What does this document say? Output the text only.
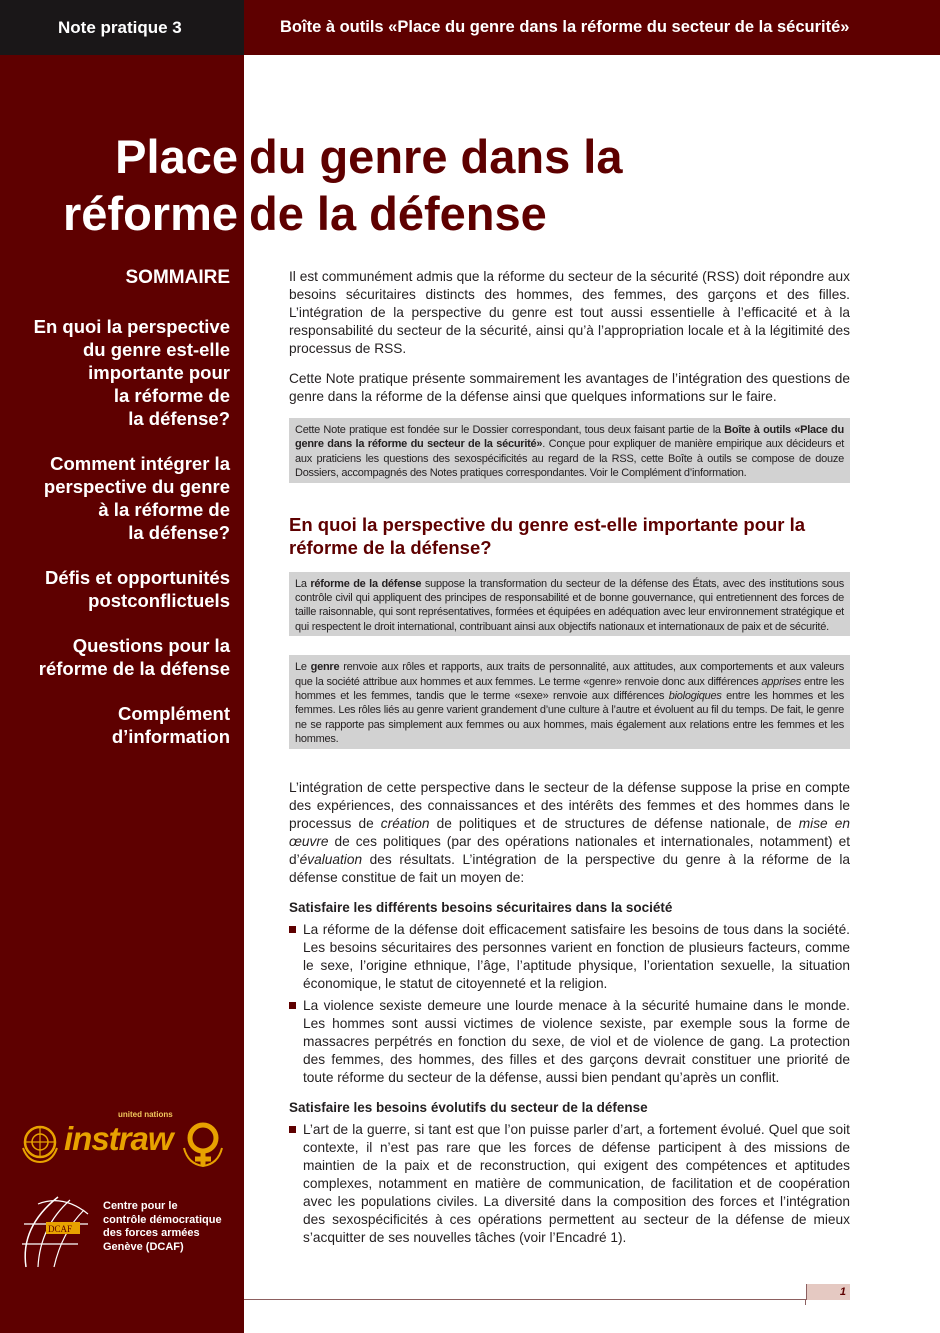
Note pratique 3	Boîte à outils «Place du genre dans la réforme du secteur de la sécurité»
Place
réforme
du genre dans la
de la défense
SOMMAIRE
En quoi la perspective
du genre est-elle
importante pour
la réforme de
la défense?
Comment intégrer la
perspective du genre
à la réforme de
la défense?
Défis et opportunités
postconflictuels
Questions pour la
réforme de la défense
Complément
d’information
united nations
instraw
DCAF
Centre pour le
contrôle démocratique
des forces armées
Genève (DCAF)

Il est communément admis que la réforme du secteur de la sécurité (RSS) doit répondre aux besoins sécuritaires distincts des hommes, des femmes, des garçons et des filles. L’intégration de la perspective du genre est tout aussi essentielle à l’efficacité et à la responsabilité du secteur de la sécurité, ainsi qu’à l’appropriation locale et à la légitimité des processus de RSS.

Cette Note pratique présente sommairement les avantages de l’intégration des questions de genre dans la réforme de la défense ainsi que quelques informations sur le faire.

Cette Note pratique est fondée sur le Dossier correspondant, tous deux faisant partie de la Boîte à outils «Place du genre dans la réforme du secteur de la sécurité». Conçue pour expliquer de manière empirique aux décideurs et aux praticiens les questions des sexospécificités au regard de la RSS, cette Boîte à outils se compose de douze Dossiers, accompagnés des Notes pratiques correspondantes. Voir le Complément d’information.
En quoi la perspective du genre est-elle importante pour la réforme de la défense?
La réforme de la défense suppose la transformation du secteur de la défense des États, avec des institutions sous contrôle civil qui appliquent des principes de responsabilité et de bonne gouvernance, qui entretiennent des forces de taille raisonnable, qui sont représentatives, formées et équipées en adéquation avec leur environnement stratégique et qui respectent le droit international, contribuant ainsi aux objectifs nationaux et internationaux de paix et de sécurité.
Le genre renvoie aux rôles et rapports, aux traits de personnalité, aux attitudes, aux comportements et aux valeurs que la société attribue aux hommes et aux femmes. Le terme «genre» renvoie donc aux différences apprises entre les hommes et les femmes, tandis que le terme «sexe» renvoie aux différences biologiques entre les hommes et les femmes. Les rôles liés au genre varient grandement d’une culture à l’autre et évoluent au fil du temps. De fait, le genre ne se rapporte pas simplement aux femmes ou aux hommes, mais également aux relations entre les femmes et les hommes.

L’intégration de cette perspective dans le secteur de la défense suppose la prise en compte des expériences, des connaissances et des intérêts des femmes et des hommes dans le processus de création de politiques et de structures de défense nationale, de mise en œuvre de ces politiques (par des opérations nationales et internationales, notamment) et d’évaluation des résultats. L’intégration de la perspective du genre à la réforme de la défense constitue de fait un moyen de:

Satisfaire les différents besoins sécuritaires dans la société
La réforme de la défense doit efficacement satisfaire les besoins de tous dans la société. Les besoins sécuritaires des personnes varient en fonction de plusieurs facteurs, comme le sexe, l’origine ethnique, l’âge, l’aptitude physique, l’orientation sexuelle, la situation économique, le statut de citoyenneté et la religion.
La violence sexiste demeure une lourde menace à la sécurité humaine dans le monde. Les hommes sont aussi victimes de violence sexiste, par exemple sous la forme de massacres perpétrés en fonction du sexe, de viol et de violence de gang. La protection des femmes, des hommes, des filles et des garçons devrait constituer une priorité de toute réforme du secteur de la défense, aussi bien pendant qu’après un conflit.
Satisfaire les besoins évolutifs du secteur de la défense
L’art de la guerre, si tant est que l’on puisse parler d’art, a fortement évolué. Quel que soit contexte, il n’est pas rare que les forces de défense participent à des missions de maintien de la paix et de reconstruction, qui exigent des compétences et aptitudes complexes, notamment en matière de communication, de facilitation et de coopération avec les populations civiles. La diversité dans la composition des forces et l’intégration des sexospécificités à ces opérations permettent au secteur de la défense de mieux s’acquitter de ses nouvelles tâches (voir l’Encadré 1).
1
